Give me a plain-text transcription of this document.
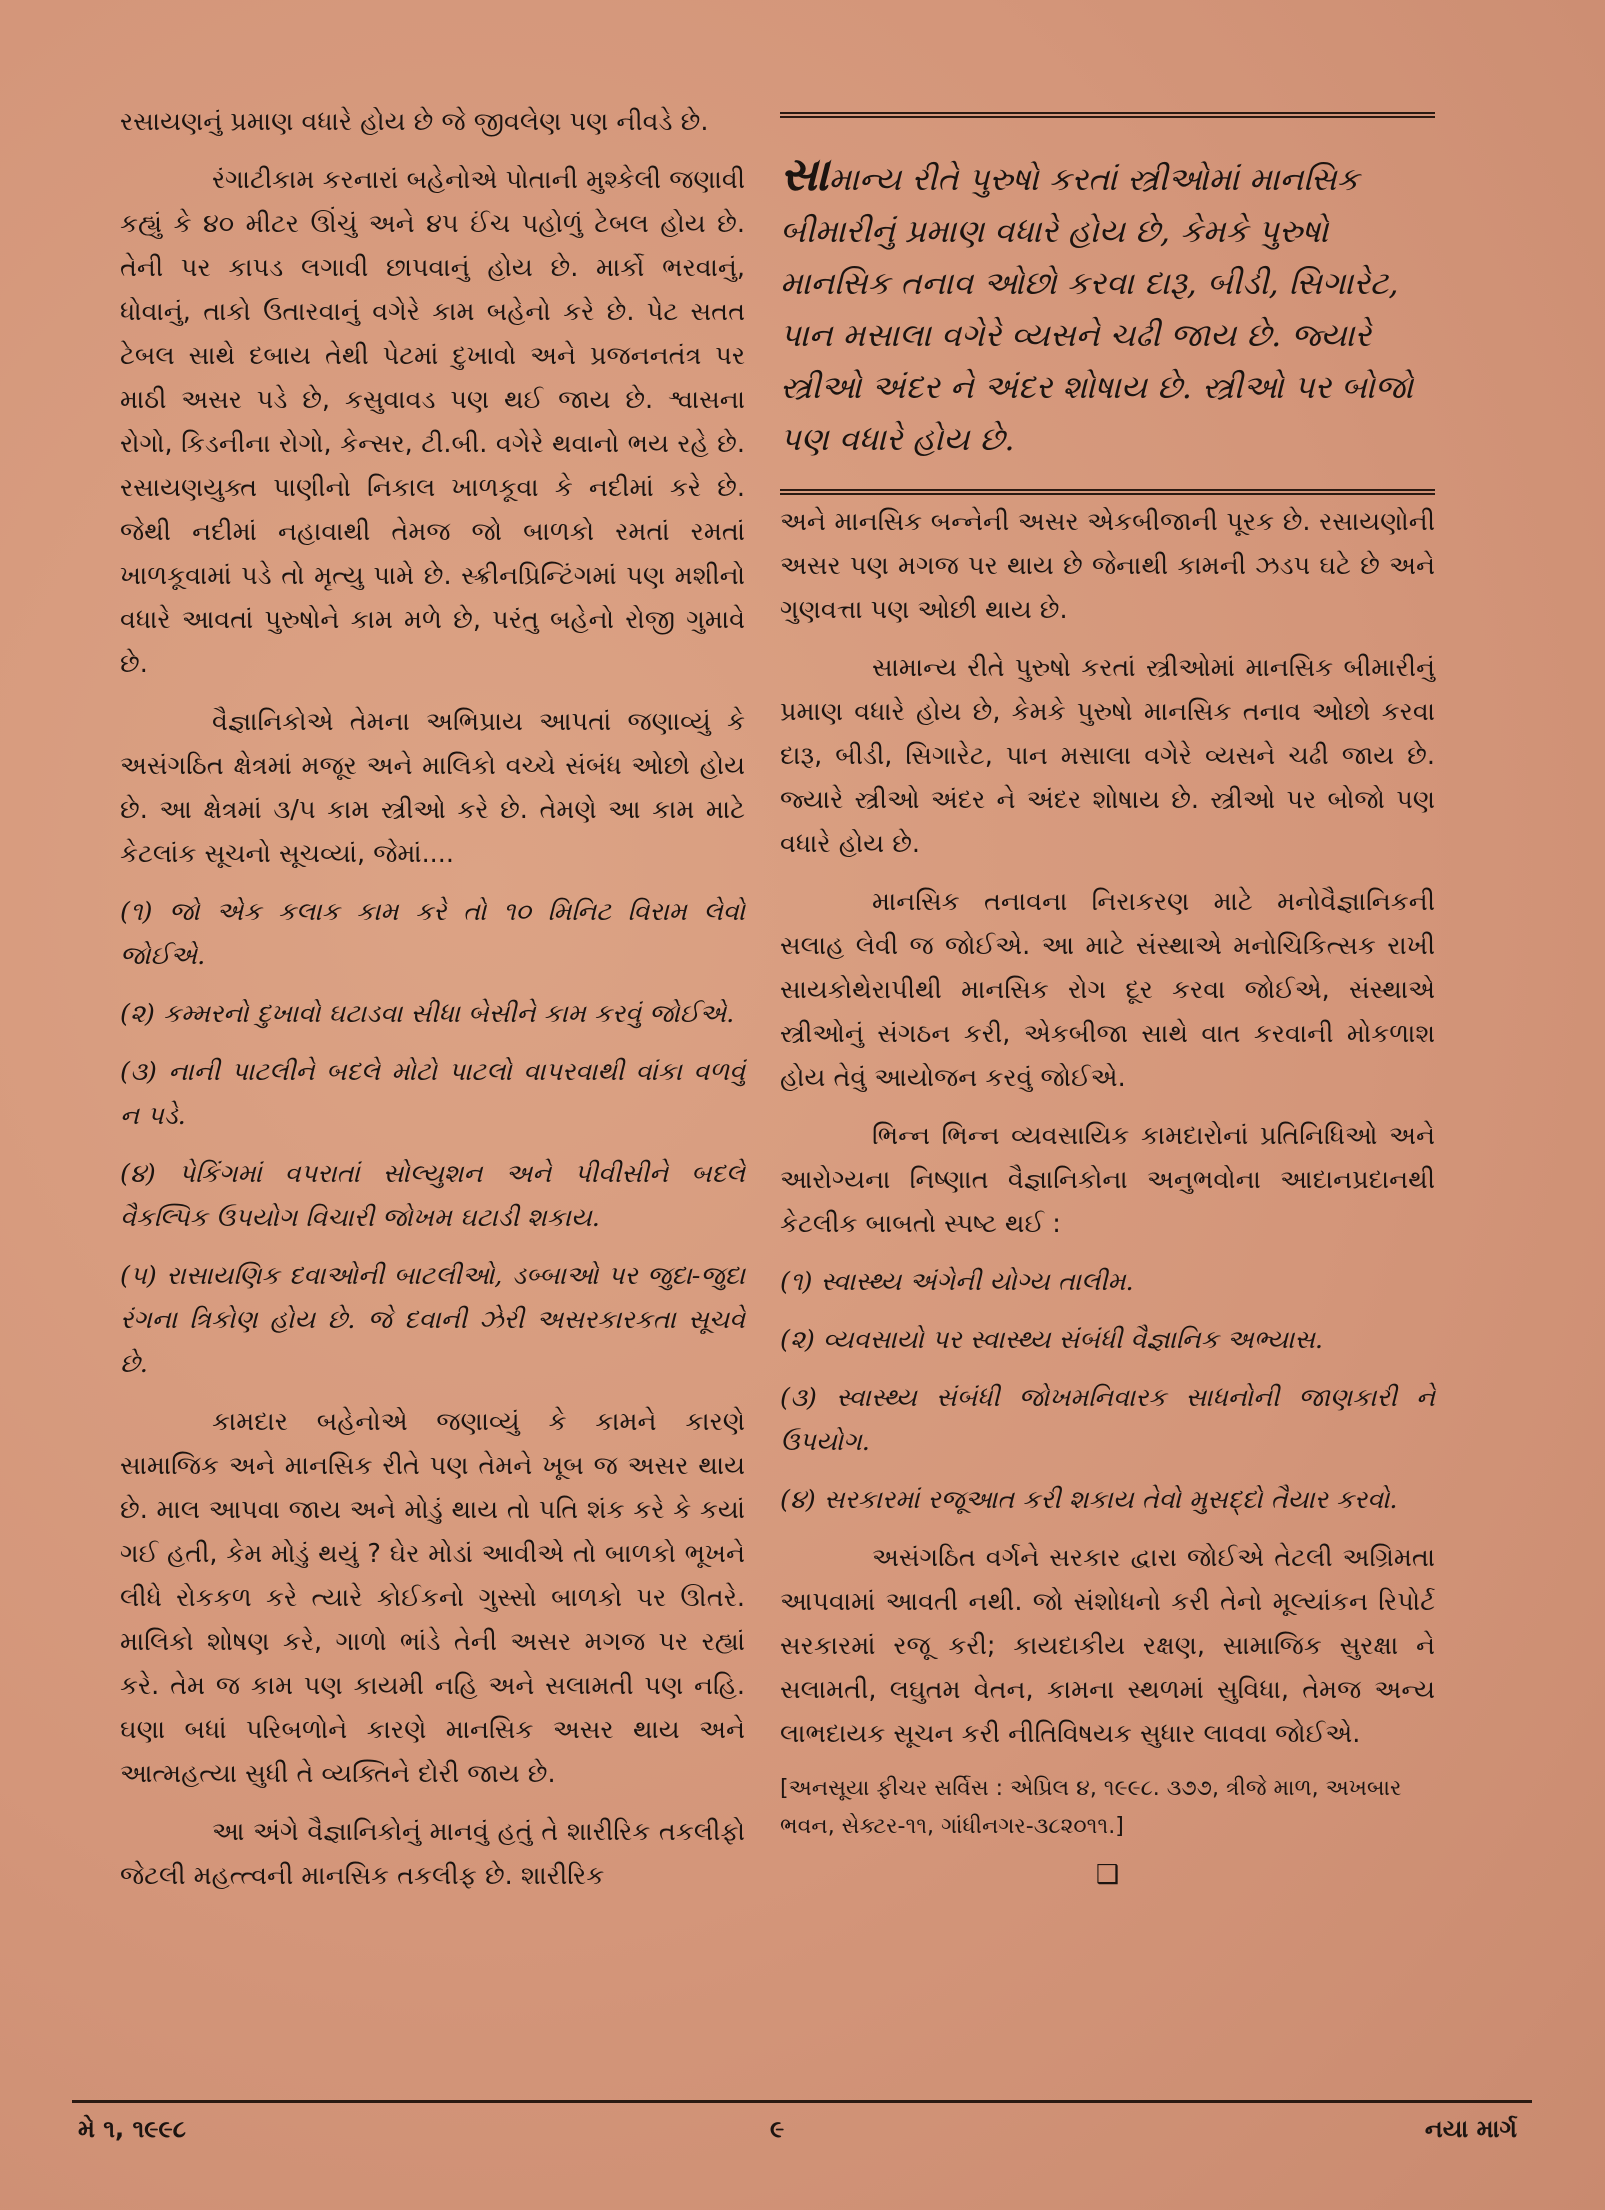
રસાયણનું પ્રમાણ વધારે હોય છે જે જીવલેણ પણ નીવડે છે.

રંગાટીકામ કરનારાં બહેનોએ પોતાની મુશ્કેલી જણાવી કહ્યું કે ૪૦ મીટર ઊંચું અને ૪૫ ઈંચ પહોળું ટેબલ હોય છે. તેની પર કાપડ લગાવી છાપવાનું હોય છે. માર્કો ભરવાનું, ધોવાનું, તાકો ઉતારવાનું વગેરે કામ બહેનો કરે છે. પેટ સતત ટેબલ સાથે દબાય તેથી પેટમાં દુખાવો અને પ્રજનનતંત્ર પર માઠી અસર પડે છે, કસુવાવડ પણ થઈ જાય છે. શ્વાસના રોગો, કિડનીના રોગો, કેન્સર, ટી.બી. વગેરે થવાનો ભય રહે છે. રસાયણયુક્ત પાણીનો નિકાલ ખાળકૂવા કે નદીમાં કરે છે. જેથી નદીમાં નહાવાથી તેમજ જો બાળકો રમતાં રમતાં ખાળકૂવામાં પડે તો મૃત્યુ પામે છે. સ્ક્રીનપ્રિન્ટિંગમાં પણ મશીનો વધારે આવતાં પુરુષોને કામ મળે છે, પરંતુ બહેનો રોજી ગુમાવે છે.

વૈજ્ઞાનિકોએ તેમના અભિપ્રાય આપતાં જણાવ્યું કે અસંગઠિત ક્ષેત્રમાં મજૂર અને માલિકો વચ્ચે સંબંધ ઓછો હોય છે. આ ક્ષેત્રમાં ૩/૫ કામ સ્ત્રીઓ કરે છે. તેમણે આ કામ માટે કેટલાંક સૂચનો સૂચવ્યાં, જેમાં....

(૧) જો એક કલાક કામ કરે તો ૧૦ મિનિટ વિરામ લેવો જોઈએ.

(૨) કમ્મરનો દુખાવો ઘટાડવા સીધા બેસીને કામ કરવું જોઈએ.

(૩) નાની પાટલીને બદલે મોટો પાટલો વાપરવાથી વાંકા વળવું ન પડે.

(૪) પેકિંગમાં વપરાતાં સોલ્યુશન અને પીવીસીને બદલે વૈકલ્પિક ઉપયોગ વિચારી જોખમ ઘટાડી શકાય.

(૫) રાસાયણિક દવાઓની બાટલીઓ, ડબ્બાઓ પર જુદા-જુદા રંગના ત્રિકોણ હોય છે. જે દવાની ઝેરી અસરકારકતા સૂચવે છે.

કામદાર બહેનોએ જણાવ્યું કે કામને કારણે સામાજિક અને માનસિક રીતે પણ તેમને ખૂબ જ અસર થાય છે. માલ આપવા જાય અને મોડું થાય તો પતિ શંક કરે કે કયાં ગઈ હતી, કેમ મોડું થયું ? ઘેર મોડાં આવીએ તો બાળકો ભૂખને લીધે રોકકળ કરે ત્યારે કોઈકનો ગુસ્સો બાળકો પર ઊતરે. માલિકો શોષણ કરે, ગાળો ભાંડે તેની અસર મગજ પર રહ્યાં કરે. તેમ જ કામ પણ કાયમી નહિ અને સલામતી પણ નહિ. ઘણા બધાં પરિબળોને કારણે માનસિક અસર થાય અને આત્મહત્યા સુધી તે વ્યક્તિને દોરી જાય છે.

આ અંગે વૈજ્ઞાનિકોનું માનવું હતું તે શારીરિક તકલીફો જેટલી મહત્ત્વની માનસિક તકલીફ છે. શારીરિક

સામાન્ય રીતે પુરુષો કરતાં સ્ત્રીઓમાં માનસિક બીમારીનું પ્રમાણ વધારે હોય છે, કેમકે પુરુષો માનસિક તનાવ ઓછો કરવા દારૂ, બીડી, સિગારેટ, પાન મસાલા વગેરે વ્યસને ચઢી જાય છે. જ્યારે સ્ત્રીઓ અંદર ને અંદર શોષાય છે. સ્ત્રીઓ પર બોજો પણ વધારે હોય છે.

અને માનસિક બન્નેની અસર એકબીજાની પૂરક છે. રસાયણોની અસર પણ મગજ પર થાય છે જેનાથી કામની ઝડપ ઘટે છે અને ગુણવત્તા પણ ઓછી થાય છે.

સામાન્ય રીતે પુરુષો કરતાં સ્ત્રીઓમાં માનસિક બીમારીનું પ્રમાણ વધારે હોય છે, કેમકે પુરુષો માનસિક તનાવ ઓછો કરવા દારૂ, બીડી, સિગારેટ, પાન મસાલા વગેરે વ્યસને ચઢી જાય છે. જ્યારે સ્ત્રીઓ અંદર ને અંદર શોષાય છે. સ્ત્રીઓ પર બોજો પણ વધારે હોય છે.

માનસિક તનાવના નિરાકરણ માટે મનોવૈજ્ઞાનિકની સલાહ લેવી જ જોઈએ. આ માટે સંસ્થાએ મનોચિકિત્સક રાખી સાયકોથેરાપીથી માનસિક રોગ દૂર કરવા જોઈએ, સંસ્થાએ સ્ત્રીઓનું સંગઠન કરી, એકબીજા સાથે વાત કરવાની મોકળાશ હોય તેવું આયોજન કરવું જોઈએ.

ભિન્ન ભિન્ન વ્યવસાયિક કામદારોનાં પ્રતિનિધિઓ અને આરોગ્યના નિષ્ણાત વૈજ્ઞાનિકોના અનુભવોના આદાનપ્રદાનથી કેટલીક બાબતો સ્પષ્ટ થઈ :

(૧) સ્વાસ્થ્ય અંગેની યોગ્ય તાલીમ.

(૨) વ્યવસાયો પર સ્વાસ્થ્ય સંબંધી વૈજ્ઞાનિક અભ્યાસ.

(૩) સ્વાસ્થ્ય સંબંધી જોખમનિવારક સાધનોની જાણકારી ને ઉપયોગ.

(૪) સરકારમાં રજૂઆત કરી શકાય તેવો મુસદ્દો તૈયાર કરવો.

અસંગઠિત વર્ગને સરકાર દ્વારા જોઈએ તેટલી અગ્રિમતા આપવામાં આવતી નથી. જો સંશોધનો કરી તેનો મૂલ્યાંકન રિપોર્ટ સરકારમાં રજૂ કરી; કાયદાકીય રક્ષણ, સામાજિક સુરક્ષા ને સલામતી, લઘુતમ વેતન, કામના સ્થળમાં સુવિધા, તેમજ અન્ય લાભદાયક સૂચન કરી નીતિવિષયક સુધાર લાવવા જોઈએ.

[અનસૂયા ફીચર સર્વિસ : એપ્રિલ ૪, ૧૯૯૮. ૩૭૭, ત્રીજે માળ, અખબાર ભવન, સેક્ટર-૧૧, ગાંધીનગર-૩૮૨૦૧૧.]

❑
મે ૧, ૧૯૯૮	૯	નયા માર્ગ
